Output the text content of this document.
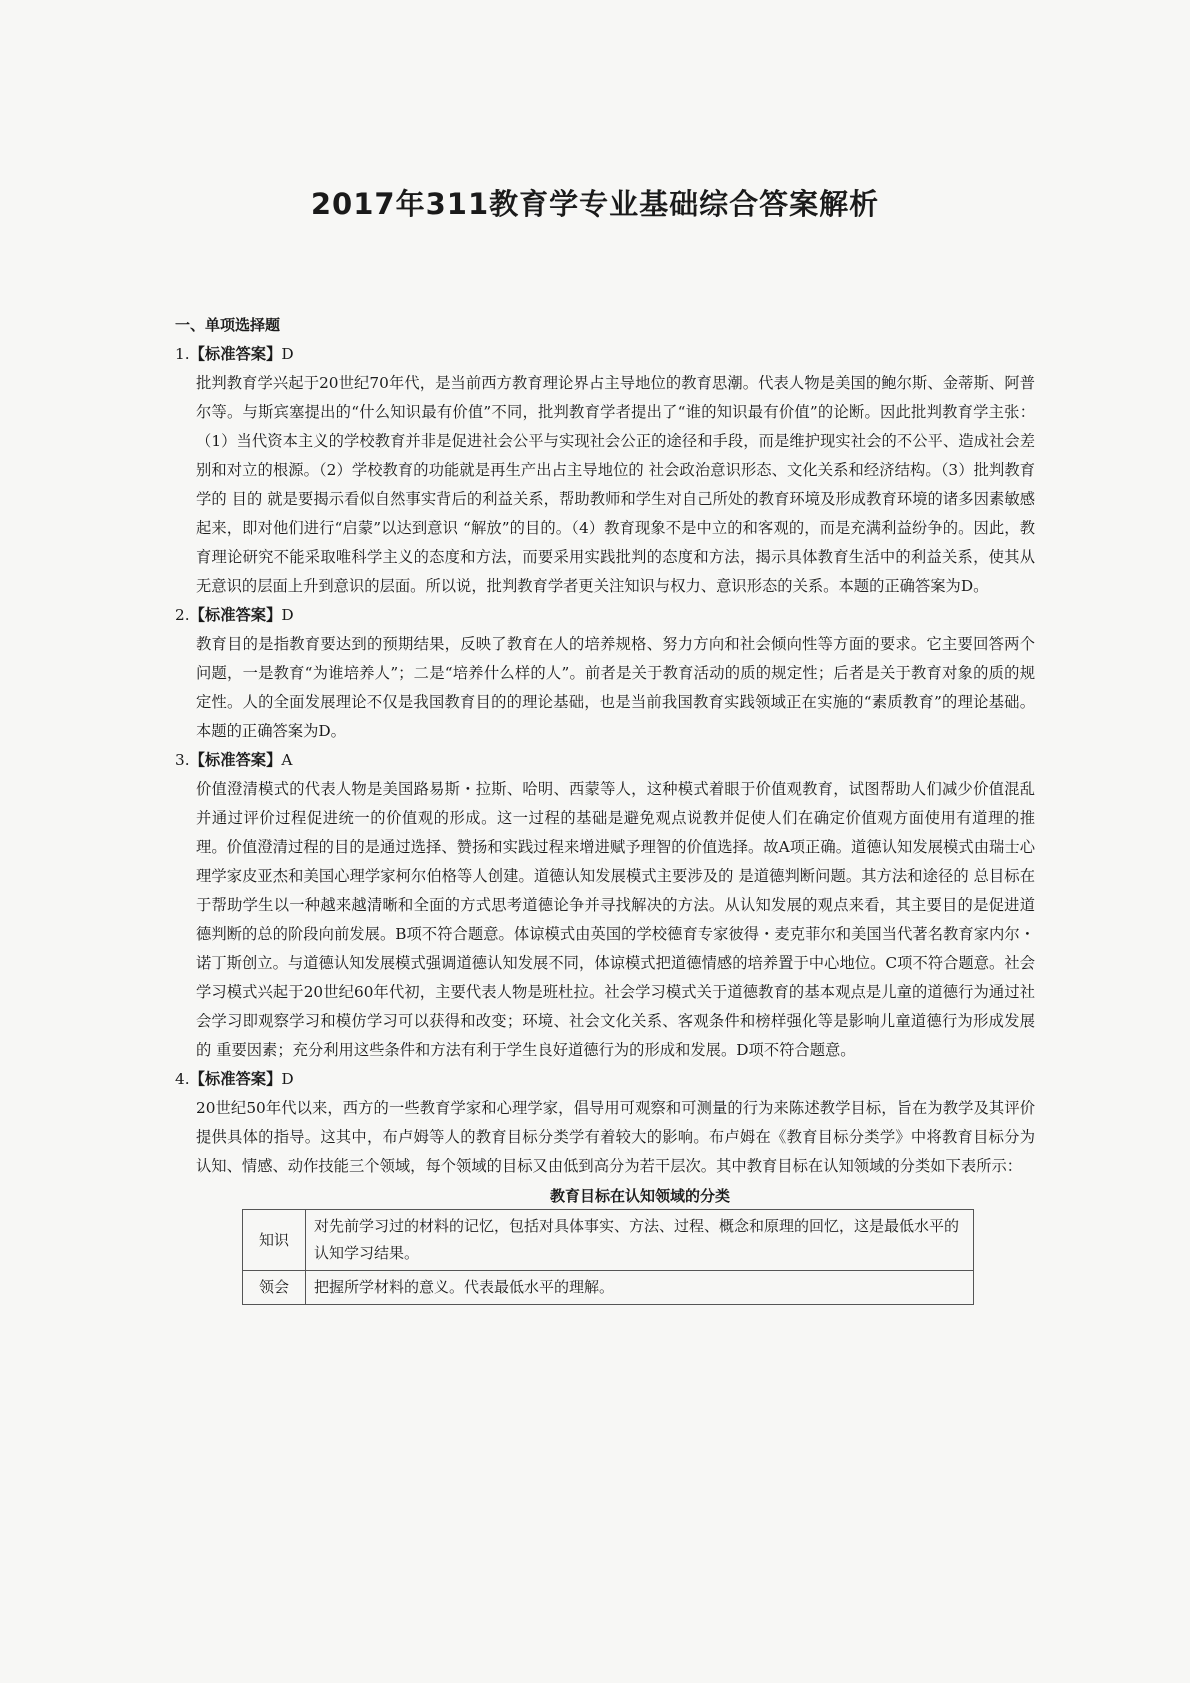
2017年311教育学专业基础综合答案解析
一、单项选择题
1.【标准答案】D

批判教育学兴起于20世纪70年代，是当前西方教育理论界占主导地位的教育思潮。代表人物是美国的鲍尔斯、金蒂斯、阿普尔等。与斯宾塞提出的“什么知识最有价值”不同，批判教育学者提出了“谁的知识最有价值”的论断。因此批判教育学主张：（1）当代资本主义的学校教育并非是促进社会公平与实现社会公正的途径和手段，而是维护现实社会的不公平、造成社会差别和对立的根源。（2）学校教育的功能就是再生产出占主导地位的 社会政治意识形态、文化关系和经济结构。（3）批判教育学的 目的 就是要揭示看似自然事实背后的利益关系，帮助教师和学生对自己所处的教育环境及形成教育环境的诸多因素敏感起来，即对他们进行“启蒙”以达到意识 “解放”的目的。（4）教育现象不是中立的和客观的，而是充满利益纷争的。因此，教育理论研究不能采取唯科学主义的态度和方法，而要采用实践批判的态度和方法，揭示具体教育生活中的利益关系，使其从无意识的层面上升到意识的层面。所以说，批判教育学者更关注知识与权力、意识形态的关系。本题的正确答案为D。

2.【标准答案】D

教育目的是指教育要达到的预期结果，反映了教育在人的培养规格、努力方向和社会倾向性等方面的要求。它主要回答两个问题，一是教育“为谁培养人”；二是“培养什么样的人”。前者是关于教育活动的质的规定性；后者是关于教育对象的质的规定性。人的全面发展理论不仅是我国教育目的的理论基础，也是当前我国教育实践领域正在实施的“素质教育”的理论基础。本题的正确答案为D。

3.【标准答案】A

价值澄清模式的代表人物是美国路易斯・拉斯、哈明、西蒙等人，这种模式着眼于价值观教育，试图帮助人们减少价值混乱并通过评价过程促进统一的价值观的形成。这一过程的基础是避免观点说教并促使人们在确定价值观方面使用有道理的推理。价值澄清过程的目的是通过选择、赞扬和实践过程来增进赋予理智的价值选择。故A项正确。道德认知发展模式由瑞士心理学家皮亚杰和美国心理学家柯尔伯格等人创建。道德认知发展模式主要涉及的 是道德判断问题。其方法和途径的 总目标在于帮助学生以一种越来越清晰和全面的方式思考道德论争并寻找解决的方法。从认知发展的观点来看，其主要目的是促进道德判断的总的阶段向前发展。B项不符合题意。体谅模式由英国的学校德育专家彼得・麦克菲尔和美国当代著名教育家内尔・诺丁斯创立。与道德认知发展模式强调道德认知发展不同，体谅模式把道德情感的培养置于中心地位。C项不符合题意。社会学习模式兴起于20世纪60年代初，主要代表人物是班杜拉。社会学习模式关于道德教育的基本观点是儿童的道德行为通过社会学习即观察学习和模仿学习可以获得和改变；环境、社会文化关系、客观条件和榜样强化等是影响儿童道德行为形成发展的 重要因素；充分利用这些条件和方法有利于学生良好道德行为的形成和发展。D项不符合题意。

4.【标准答案】D

20世纪50年代以来，西方的一些教育学家和心理学家，倡导用可观察和可测量的行为来陈述教学目标，旨在为教学及其评价提供具体的指导。这其中，布卢姆等人的教育目标分类学有着较大的影响。布卢姆在《教育目标分类学》中将教育目标分为认知、情感、动作技能三个领域，每个领域的目标又由低到高分为若干层次。其中教育目标在认知领域的分类如下表所示：

教育目标在认知领域的分类
知识	对先前学习过的材料的记忆，包括对具体事实、方法、过程、概念和原理的回忆，这是最低水平的认知学习结果。
领会	把握所学材料的意义。代表最低水平的理解。
